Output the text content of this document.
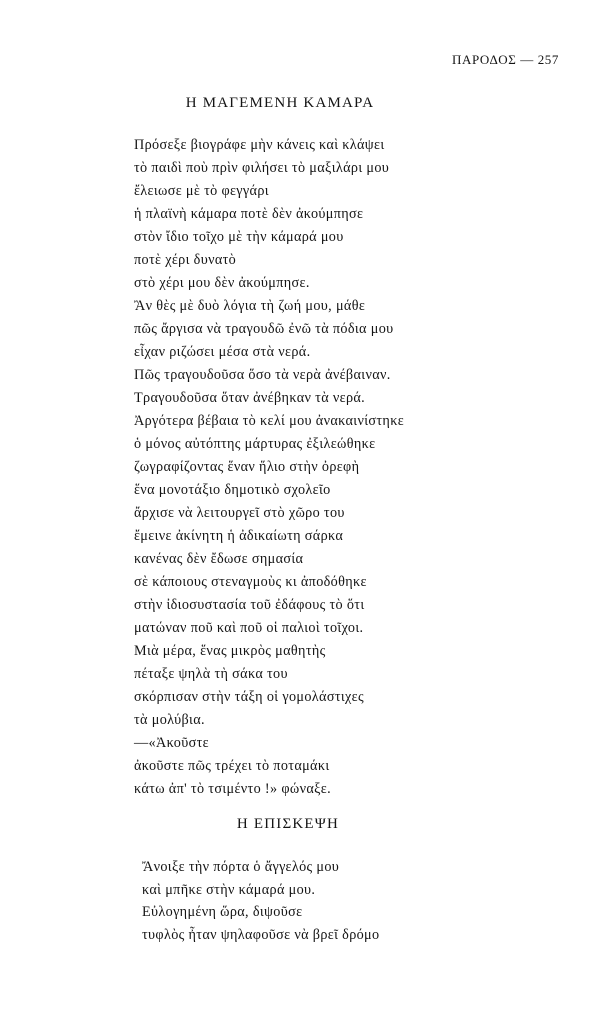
ΠΑΡΟΔΟΣ — 257
Η ΜΑΓΕΜΕΝΗ ΚΑΜΑΡΑ
Πρόσεξε βιογράφε μὴν κάνεις καὶ κλάψει
τὸ παιδὶ ποὺ πρὶν φιλήσει τὸ μαξιλάρι μου
ἔλειωσε μὲ τὸ φεγγάρι
ἡ πλαϊνὴ κάμαρα ποτὲ δὲν ἀκούμπησε
στὸν ἴδιο τοῖχο μὲ τὴν κάμαρά μου
ποτὲ χέρι δυνατὸ
στὸ χέρι μου δὲν ἀκούμπησε.
Ἂν θὲς μὲ δυὸ λόγια τὴ ζωή μου, μάθε
πῶς ἄργισα νὰ τραγουδῶ ἐνῶ τὰ πόδια μου
εἶχαν ριζώσει μέσα στὰ νερά.
Πῶς τραγουδοῦσα ὅσο τὰ νερὰ ἀνέβαιναν.
Τραγουδοῦσα ὅταν ἀνέβηκαν τὰ νερά.
Ἀργότερα βέβαια τὸ κελί μου ἀνακαινίστηκε
ὁ μόνος αὐτόπτης μάρτυρας ἐξιλεώθηκε
ζωγραφίζοντας ἕναν ἥλιο στὴν ὀρεφὴ
ἕνα μονοτάξιο δημοτικὸ σχολεῖο
ἄρχισε νὰ λειτουργεῖ στὸ χῶρο του
ἔμεινε ἀκίνητη ἡ ἀδικαίωτη σάρκα
κανένας δὲν ἔδωσε σημασία
σὲ κάποιους στεναγμοὺς κι ἀποδόθηκε
στὴν ἰδιοσυστασία τοῦ ἐδάφους τὸ ὅτι
ματώναν ποῦ καὶ ποῦ οἱ παλιοὶ τοῖχοι.
Μιὰ μέρα, ἕνας μικρὸς μαθητὴς
πέταξε ψηλὰ τὴ σάκα του
σκόρπισαν στὴν τάξη οἱ γομολάστιχες
τὰ μολύβια.
—«Ἀκοῦστε
ἀκοῦστε πῶς τρέχει τὸ ποταμάκι
κάτω ἀπ' τὸ τσιμέντο !» φώναξε.
Η ΕΠΙΣΚΕΨΗ
Ἄνοιξε τὴν πόρτα ὁ ἄγγελός μου
καὶ μπῆκε στὴν κάμαρά μου.
Εὐλογημένη ὥρα, διψοῦσε
τυφλὸς ἦταν ψηλαφοῦσε νὰ βρεῖ δρόμο
